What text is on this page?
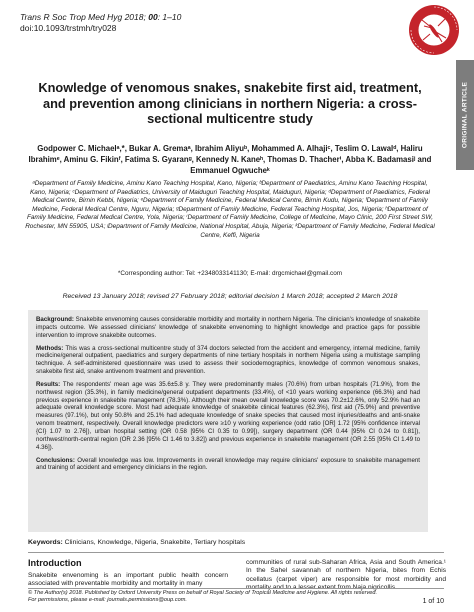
Trans R Soc Trop Med Hyg 2018; 00: 1–10
doi:10.1093/trstmh/try028
ORIGINAL ARTICLE
Knowledge of venomous snakes, snakebite first aid, treatment, and prevention among clinicians in northern Nigeria: a cross-sectional multicentre study
Godpower C. Michaelᵃ,*, Bukar A. Gremaᵃ, Ibrahim Aliyuᵇ, Mohammed A. Alhajiᶜ, Teslim O. Lawalᵈ, Haliru Ibrahimᵉ, Aminu G. Fikinᶠ, Fatima S. Gyaranᵍ, Kennedy N. Kaneʰ, Thomas D. Thacherⁱ, Abba K. Badamasiʲ and Emmanuel Ogwucheᵏ
ᵃDepartment of Family Medicine, Aminu Kano Teaching Hospital, Kano, Nigeria; ᵇDepartment of Paediatrics, Aminu Kano Teaching Hospital, Kano, Nigeria; ᶜDepartment of Paediatrics, University of Maiduguri Teaching Hospital, Maiduguri, Nigeria; ᵈDepartment of Paediatrics, Federal Medical Centre, Birnin Kebbi, Nigeria; ᵉDepartment of Family Medicine, Federal Medical Centre, Birnin Kudu, Nigeria; ᶠDepartment of Family Medicine, Federal Medical Centre, Nguru, Nigeria; ᵍDepartment of Family Medicine, Federal Teaching Hospital, Jos, Nigeria; ʰDepartment of Family Medicine, Federal Medical Centre, Yola, Nigeria; ⁱDepartment of Family Medicine, College of Medicine, Mayo Clinic, 200 First Street SW, Rochester, MN 55905, USA; ʲDepartment of Family Medicine, National Hospital, Abuja, Nigeria; ᵏDepartment of Family Medicine, Federal Medical Centre, Keffi, Nigeria
*Corresponding author: Tel: +2348033141130; E-mail: drgcmichael@gmail.com
Received 13 January 2018; revised 27 February 2018; editorial decision 1 March 2018; accepted 2 March 2018

Background: Snakebite envenoming causes considerable morbidity and mortality in northern Nigeria. The clinician's knowledge of snakebite impacts outcome. We assessed clinicians' knowledge of snakebite envenoming to highlight knowledge and practice gaps for possible intervention to improve snakebite outcomes.

Methods: This was a cross-sectional multicentre study of 374 doctors selected from the accident and emergency, internal medicine, family medicine/general outpatient, paediatrics and surgery departments of nine tertiary hospitals in northern Nigeria using a multistage sampling technique. A self-administered questionnaire was used to assess their sociodemographics, knowledge of common venomous snakes, snakebite first aid, snake antivenom treatment and prevention.

Results: The respondents' mean age was 35.6±5.8 y. They were predominantly males (70.6%) from urban hospitals (71.9%), from the northwest region (35.3%), in family medicine/general outpatient departments (33.4%), of <10 years working experience (66.3%) and had previous experience in snakebite management (78.3%). Although their mean overall knowledge score was 70.2±12.6%, only 52.9% had an adequate overall knowledge score. Most had adequate knowledge of snakebite clinical features (62.3%), first aid (75.9%) and preventive measures (97.1%), but only 50.8% and 25.1% had adequate knowledge of snake species that caused most injuries/deaths and anti-snake venom treatment, respectively. Overall knowledge predictors were ≥10 y working experience (odd ratio [OR] 1.72 [95% confidence interval {CI} 1.07 to 2.76]), urban hospital setting (OR 0.58 [95% CI 0.35 to 0.99]), surgery department (OR 0.44 [95% CI 0.24 to 0.81]), northwest/north-central region (OR 2.36 [95% CI 1.46 to 3.82]) and previous experience in snakebite management (OR 2.55 [95% CI 1.49 to 4.36]).

Conclusions: Overall knowledge was low. Improvements in overall knowledge may require clinicians' exposure to snakebite management and training of accident and emergency clinicians in the region.

Keywords: Clinicians, Knowledge, Nigeria, Snakebite, Tertiary hospitals
Introduction
Snakebite envenoming is an important public health concern associated with preventable morbidity and mortality in many
communities of rural sub-Saharan Africa, Asia and South America.¹ In the Sahel savannah of northern Nigeria, bites from Echis ocellatus (carpet viper) are responsible for most morbidity and mortality and to a lesser extent from Naja nigricollis
© The Author(s) 2018. Published by Oxford University Press on behalf of Royal Society of Tropical Medicine and Hygiene. All rights reserved.
For permissions, please e-mail: journals.permissions@oup.com.	1 of 10
